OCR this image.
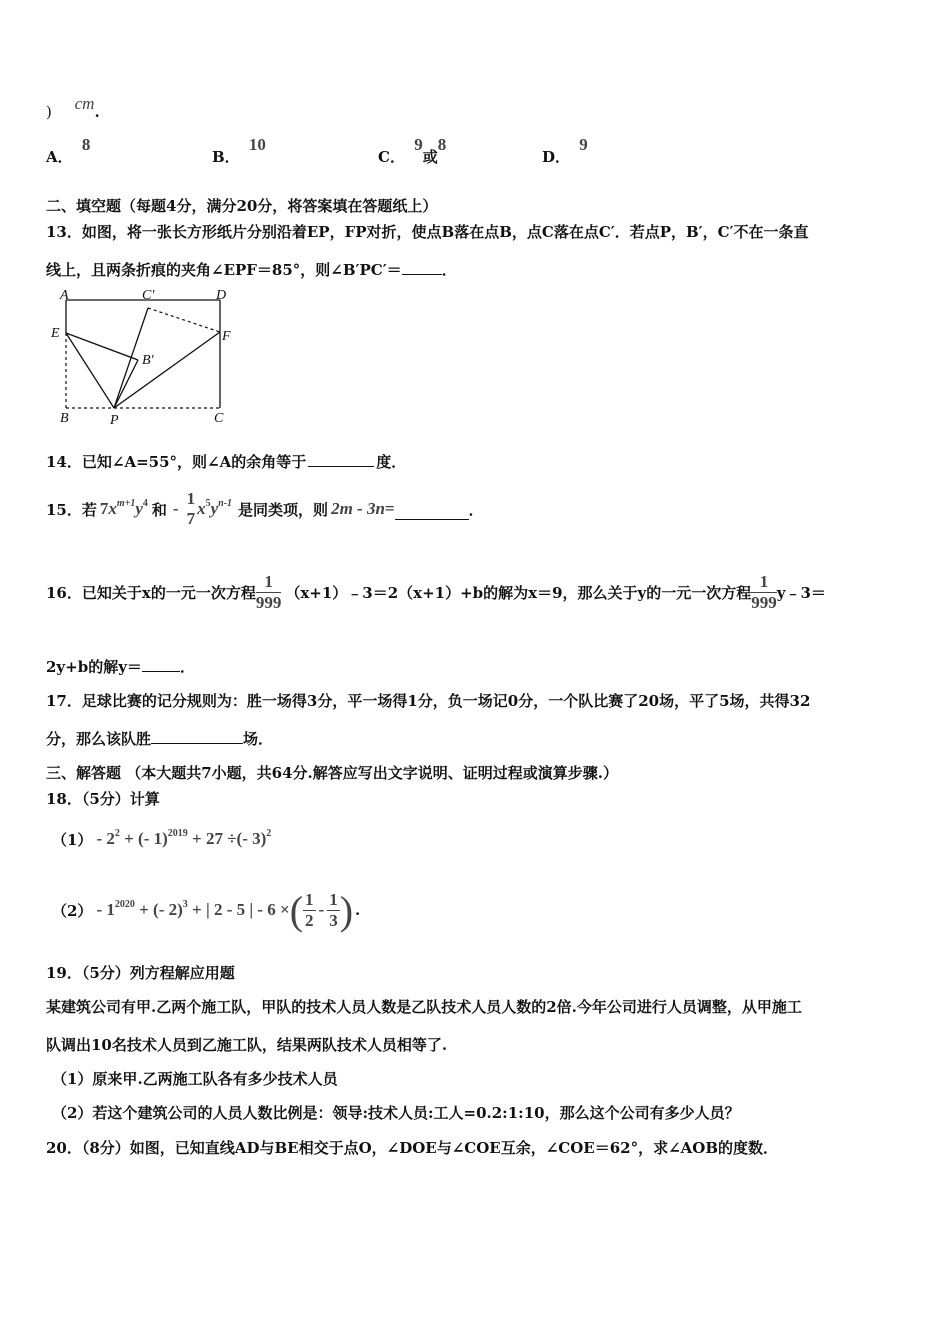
) cm.
A． 8
B． 10
C． 9或8
D． 9
二、填空题（每题4分，满分20分，将答案填在答题纸上）
13．如图，将一张长方形纸片分别沿着EP，FP对折，使点B落在点B，点C落在点C′．若点P，B′，C′不在一条直
线上，且两条折痕的夹角∠EPF＝85°，则∠B′PC′＝	．
A	C′	D
E	F
B′
B	P	C
14．已知∠A=55°，则∠A的余角等于	度．
15．若 $7x^{m+1}y^4$ 和 -
1
7
$x^5y^{n-1}$ 是同类项，则 2m - 3n =	．
16．已知关于x的一元一次方程 $\frac{1}{999}$ （x+1）﹣3＝2（x+1）+b的解为x＝9，那么关于y的一元一次方程 $\frac{1}{999}$ y﹣3＝
2y+b的解y＝	．
17．足球比赛的记分规则为：胜一场得3分，平一场得1分，负一场记0分，一个队比赛了20场，平了5场，共得32
分，那么该队胜	场．
三、解答题 （本大题共7小题，共64分.解答应写出文字说明、证明过程或演算步骤.）
18．（5分）计算
$(1) - 2^2$ + (- 1)$^{2019}$ + 27 ÷(- 3)$^2$
$(2) - 1^{2020}$ + (- 2)$^3$ + | 2 - 5 | - 6 × ( $\frac{1}{2} - \frac{1}{3}$ ) .
19．（5分）列方程解应用题
某建筑公司有甲.乙两个施工队，甲队的技术人员人数是乙队技术人员人数的2倍.今年公司进行人员调整，从甲施工
队调出10名技术人员到乙施工队，结果两队技术人员相等了.
（1）原来甲.乙两施工队各有多少技术人员
（2）若这个建筑公司的人员人数比例是：领导:技术人员:工人=0.2:1:10，那么这个公司有多少人员？
20．（8分）如图，已知直线AD与BE相交于点O，∠DOE与∠COE互余，∠COE＝62°，求∠AOB的度数．
